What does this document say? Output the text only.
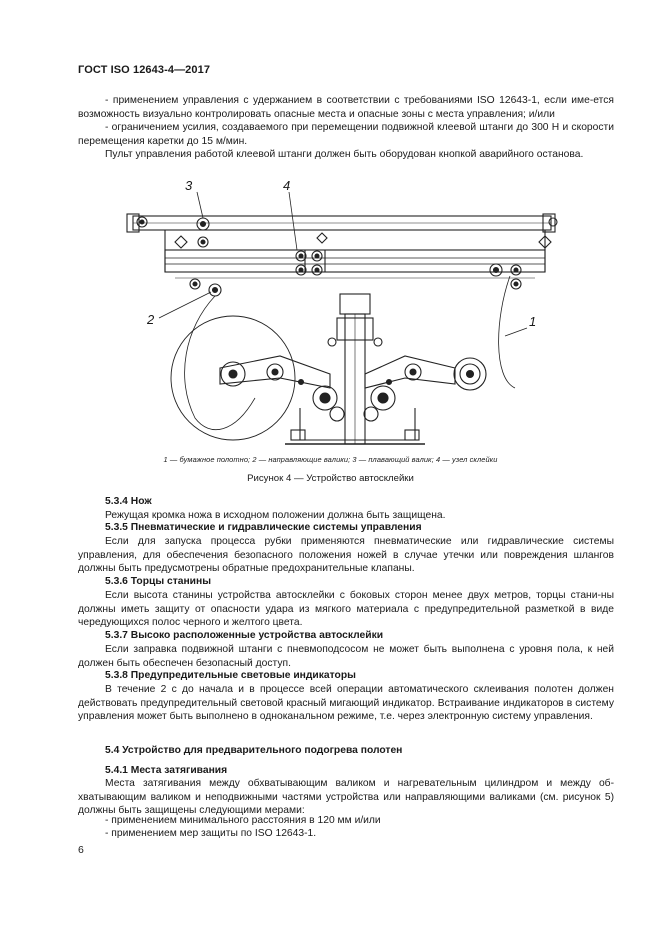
ГОСТ ISO 12643-4—2017
- применением управления с удержанием в соответствии с требованиями ISO 12643-1, если име-ется возможность визуально контролировать опасные места и опасные зоны с места управления; и/или
- ограничением усилия, создаваемого при перемещении подвижной клеевой штанги до 300 Н и скорости перемещения каретки до 15 м/мин.
Пульт управления работой клеевой штанги должен быть оборудован кнопкой аварийного останова.
3	4
2	1
1 — бумажное полотно; 2 — направляющие валики; 3 — плавающий валик; 4 — узел склейки
Рисунок 4 — Устройство автосклейки
5.3.4 Нож
Режущая кромка ножа в исходном положении должна быть защищена.
5.3.5 Пневматические и гидравлические системы управления
Если для запуска процесса рубки применяются пневматические или гидравлические системы управления, для обеспечения безопасного положения ножей в случае утечки или повреждения шлангов должны быть предусмотрены обратные предохранительные клапаны.
5.3.6 Торцы станины
Если высота станины устройства автосклейки с боковых сторон менее двух метров, торцы стани-ны должны иметь защиту от опасности удара из мягкого материала с предупредительной разметкой в виде чередующихся полос черного и желтого цвета.
5.3.7 Высоко расположенные устройства автосклейки
Если заправка подвижной штанги с пневмоподсосом не может быть выполнена с уровня пола, к ней должен быть обеспечен безопасный доступ.
5.3.8 Предупредительные световые индикаторы
В течение 2 с до начала и в процессе всей операции автоматического склеивания полотен должен действовать предупредительный световой красный мигающий индикатор. Встраивание индикаторов в систему управления может быть выполнено в одноканальном режиме, т.е. через электронную систему управления.
5.4 Устройство для предварительного подогрева полотен
5.4.1 Места затягивания
Места затягивания между обхватывающим валиком и нагревательным цилиндром и между об-хватывающим валиком и неподвижными частями устройства или направляющими валиками (см. рисунок 5) должны быть защищены следующими мерами:
- применением минимального расстояния в 120 мм и/или
- применением мер защиты по ISO 12643-1.
6
